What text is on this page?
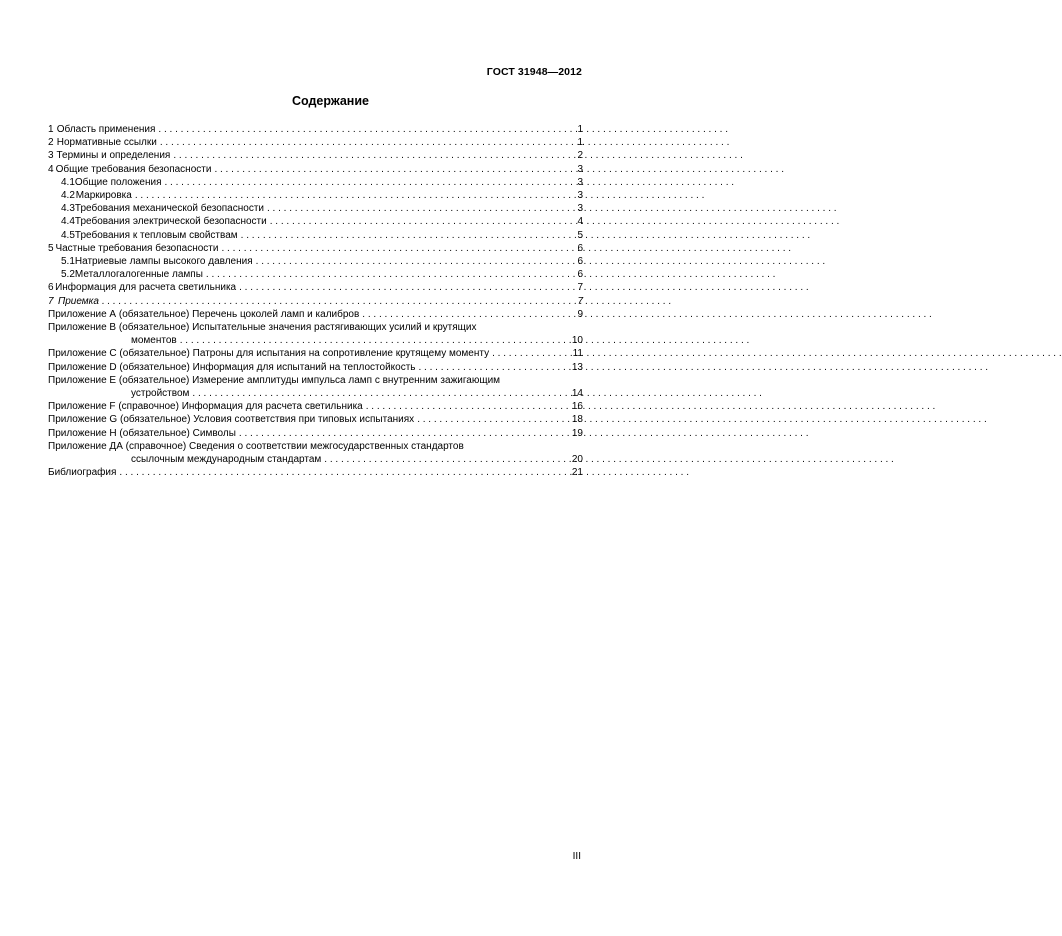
ГОСТ 31948—2012
Содержание
1 Область применения . . .	1
2 Нормативные ссылки . . .	1
3 Термины и определения . . .	2
4 Общие требования безопасности . . .	3
4.1 Общие положения . . .	3
4.2 Маркировка . . .	3
4.3 Требования механической безопасности . . .	3
4.4 Требования электрической безопасности . . .	4
4.5 Требования к тепловым свойствам . . .	5
5 Частные требования безопасности . . .	6
5.1 Натриевые лампы высокого давления . . .	6
5.2 Металлогалогенные лампы . . .	6
6 Информация для расчета светильника . . .	7
7 Приемка . . .	7
Приложение А (обязательное) Перечень цоколей ламп и калибров . . .	9
Приложение В (обязательное) Испытательные значения растягивающих усилий и крутящих
моментов . . .	10
Приложение С (обязательное) Патроны для испытания на сопротивление крутящему моменту . . .	11
Приложение D (обязательное) Информация для испытаний на теплостойкость . . .	13
Приложение Е (обязательное) Измерение амплитуды импульса ламп с внутренним зажигающим
устройством . . .	14
Приложение F (справочное) Информация для расчета светильника . . .	16
Приложение G (обязательное) Условия соответствия при типовых испытаниях . . .	18
Приложение Н (обязательное) Символы . . .	19
Приложение ДА (справочное) Сведения о соответствии межгосударственных стандартов
ссылочным международным стандартам . . .	20
Библиография . . .	21
III
